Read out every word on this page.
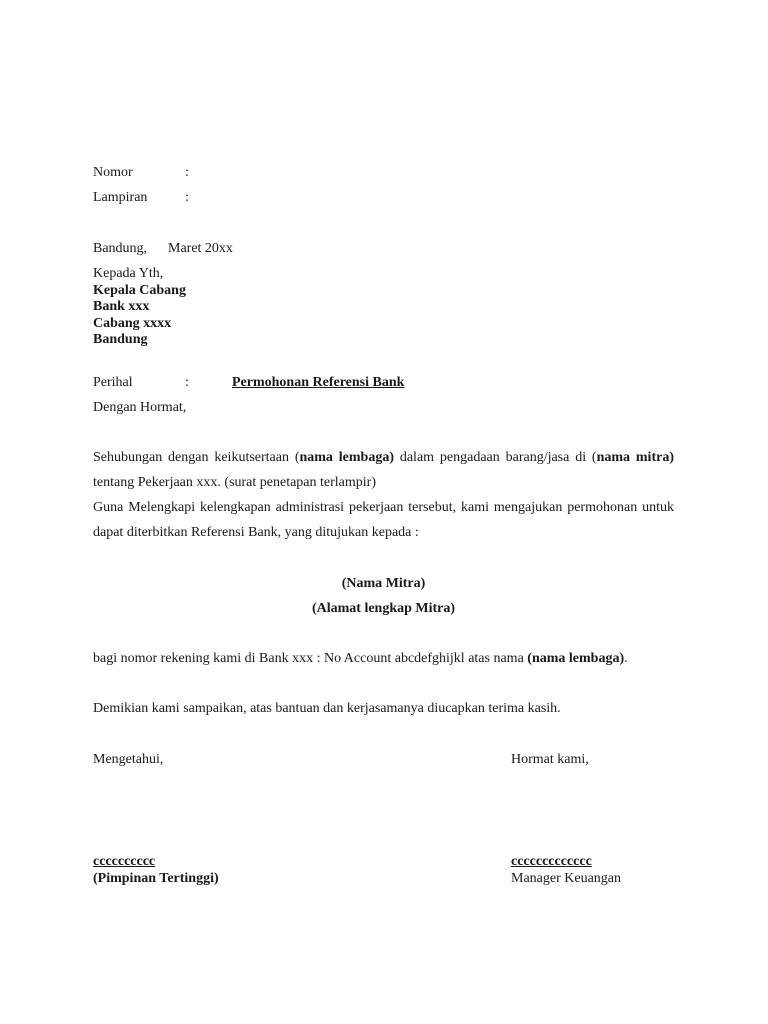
Nomor	:
Lampiran	:
Bandung, Maret 20xx
Kepada Yth,
Kepala Cabang
Bank xxx
Cabang xxxx
Bandung
Perihal	:	Permohonan Referensi Bank
Dengan Hormat,
Sehubungan dengan keikutsertaan (nama lembaga) dalam pengadaan barang/jasa di (nama mitra) tentang Pekerjaan xxx. (surat penetapan terlampir)
Guna Melengkapi kelengkapan administrasi pekerjaan tersebut, kami mengajukan permohonan untuk dapat diterbitkan Referensi Bank, yang ditujukan kepada :
(Nama Mitra)
(Alamat lengkap Mitra)
bagi nomor rekening kami di Bank xxx : No Account abcdefghijkl atas nama (nama lembaga).
Demikian kami sampaikan, atas bantuan dan kerjasamanya diucapkan terima kasih.
Mengetahui,	Hormat kami,
cccccccccc	ccccccccccccc
(Pimpinan Tertinggi)	Manager Keuangan
